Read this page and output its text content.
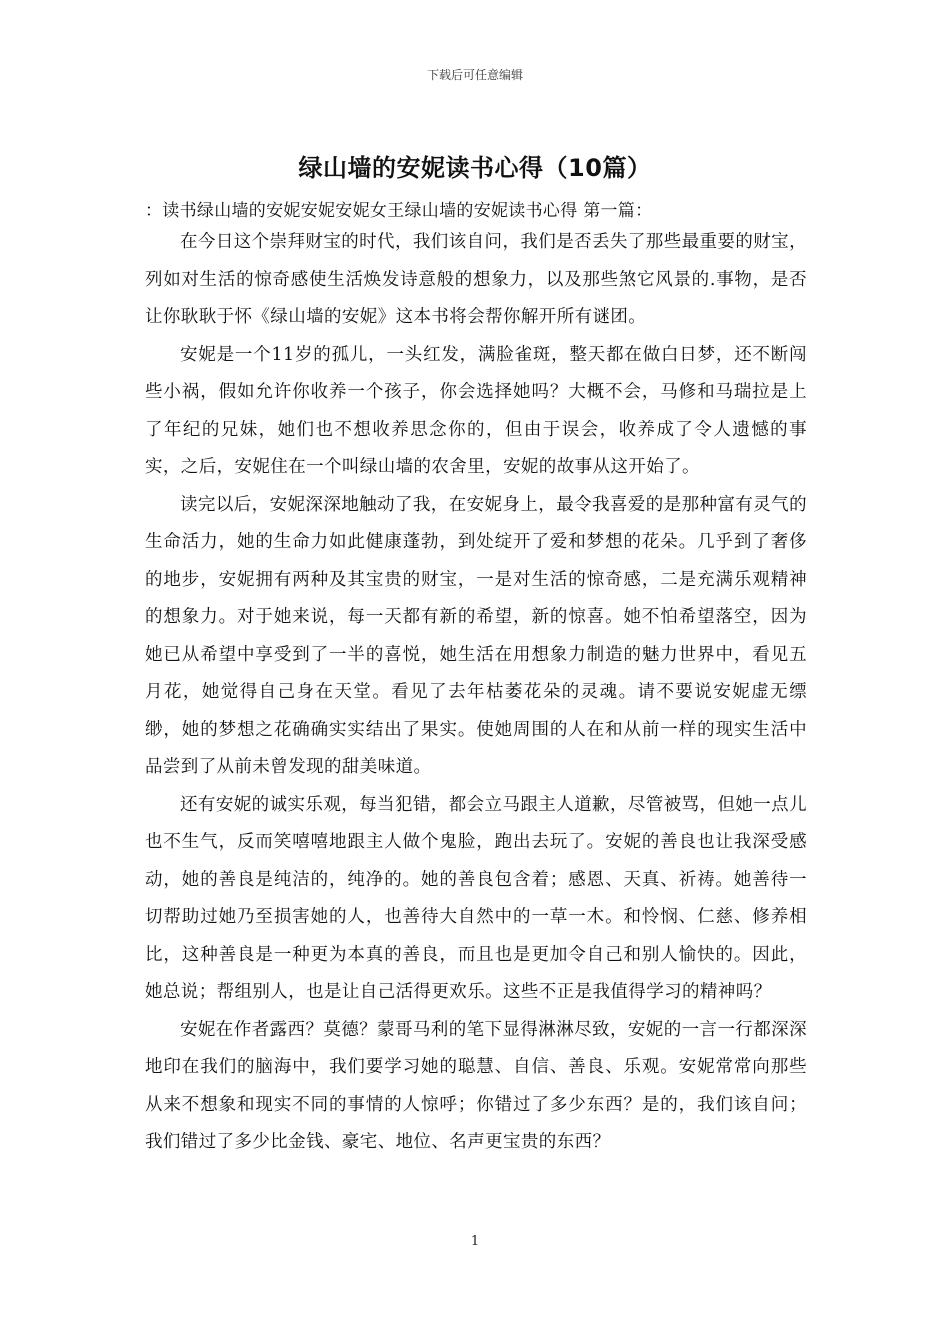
下载后可任意编辑
绿山墙的安妮读书心得（10篇）

：读书绿山墙的安妮安妮安妮女王绿山墙的安妮读书心得 第一篇：

在今日这个崇拜财宝的时代，我们该自问，我们是否丢失了那些最重要的财宝，列如对生活的惊奇感使生活焕发诗意般的想象力，以及那些煞它风景的.事物，是否让你耿耿于怀《绿山墙的安妮》这本书将会帮你解开所有谜团。

安妮是一个11岁的孤儿，一头红发，满脸雀斑，整天都在做白日梦，还不断闯些小祸，假如允许你收养一个孩子，你会选择她吗？大概不会，马修和马瑞拉是上了年纪的兄妹，她们也不想收养思念你的，但由于误会，收养成了令人遗憾的事实，之后，安妮住在一个叫绿山墙的农舍里，安妮的故事从这开始了。

读完以后，安妮深深地触动了我，在安妮身上，最令我喜爱的是那种富有灵气的生命活力，她的生命力如此健康蓬勃，到处绽开了爱和梦想的花朵。几乎到了奢侈的地步，安妮拥有两种及其宝贵的财宝，一是对生活的惊奇感，二是充满乐观精神的想象力。对于她来说，每一天都有新的希望，新的惊喜。她不怕希望落空，因为她已从希望中享受到了一半的喜悦，她生活在用想象力制造的魅力世界中，看见五月花，她觉得自己身在天堂。看见了去年枯萎花朵的灵魂。请不要说安妮虚无缥缈，她的梦想之花确确实实结出了果实。使她周围的人在和从前一样的现实生活中品尝到了从前未曾发现的甜美味道。

还有安妮的诚实乐观，每当犯错，都会立马跟主人道歉，尽管被骂，但她一点儿也不生气，反而笑嘻嘻地跟主人做个鬼脸，跑出去玩了。安妮的善良也让我深受感动，她的善良是纯洁的，纯净的。她的善良包含着；感恩、天真、祈祷。她善待一切帮助过她乃至损害她的人，也善待大自然中的一草一木。和怜悯、仁慈、修养相比，这种善良是一种更为本真的善良，而且也是更加令自己和别人愉快的。因此，她总说；帮组别人，也是让自己活得更欢乐。这些不正是我值得学习的精神吗？

安妮在作者露西？莫德？蒙哥马利的笔下显得淋淋尽致，安妮的一言一行都深深地印在我们的脑海中，我们要学习她的聪慧、自信、善良、乐观。安妮常常向那些从来不想象和现实不同的事情的人惊呼；你错过了多少东西？是的，我们该自问；我们错过了多少比金钱、豪宅、地位、名声更宝贵的东西？

1
